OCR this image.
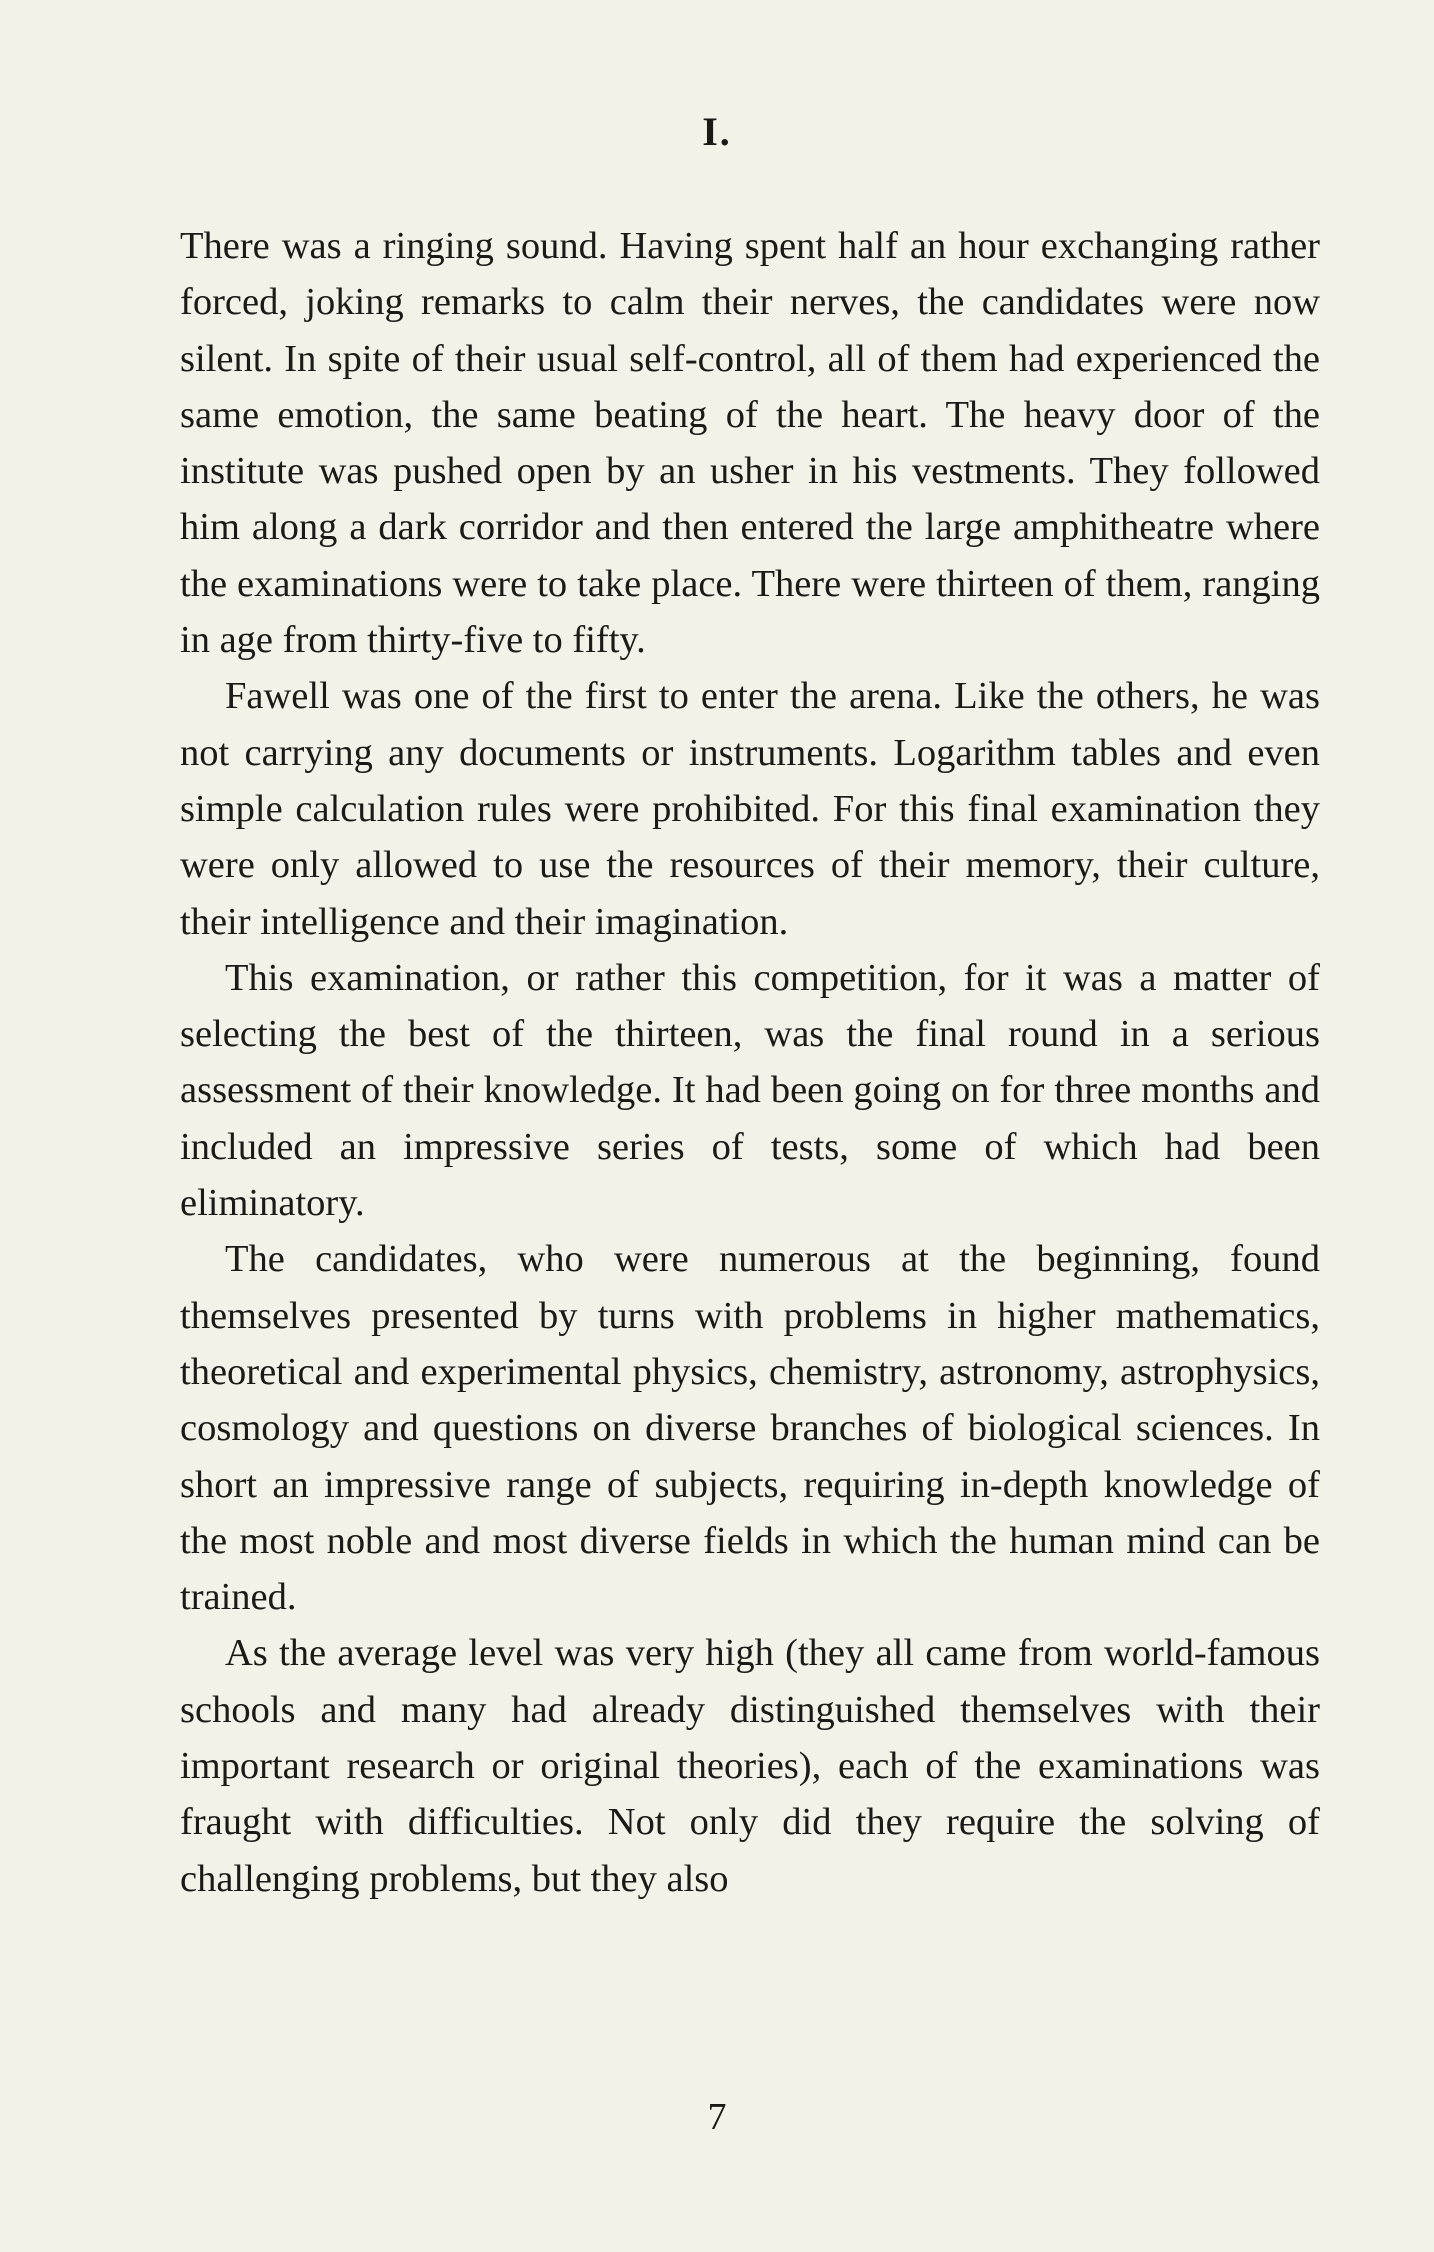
I.

There was a ringing sound. Having spent half an hour exchanging rather forced, joking remarks to calm their nerves, the candidates were now silent. In spite of their usual self-control, all of them had experienced the same emotion, the same beating of the heart. The heavy door of the institute was pushed open by an usher in his vestments. They followed him along a dark corridor and then entered the large amphitheatre where the examinations were to take place. There were thirteen of them, ranging in age from thirty-five to fifty.

Fawell was one of the first to enter the arena. Like the others, he was not carrying any documents or instruments. Logarithm tables and even simple calculation rules were prohibited. For this final examination they were only allowed to use the resources of their memory, their culture, their intelligence and their imagination.

This examination, or rather this competition, for it was a matter of selecting the best of the thirteen, was the final round in a serious assessment of their knowledge. It had been going on for three months and included an impressive series of tests, some of which had been eliminatory.

The candidates, who were numerous at the beginning, found themselves presented by turns with problems in higher mathematics, theoretical and experimental physics, chemistry, astronomy, astrophysics, cosmology and questions on diverse branches of biological sciences. In short an impressive range of subjects, requiring in-depth knowledge of the most noble and most diverse fields in which the human mind can be trained.

As the average level was very high (they all came from world-famous schools and many had already distinguished themselves with their important research or original theories), each of the examinations was fraught with difficulties. Not only did they require the solving of challenging problems, but they also

7
